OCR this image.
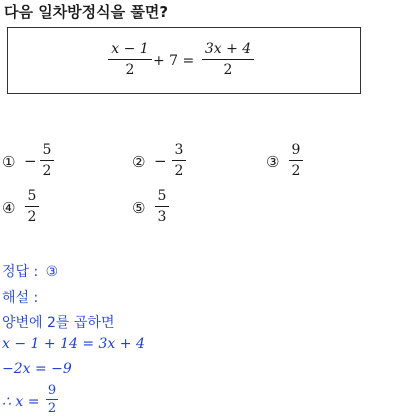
다음 일차방정식을 풀면?
x − 1
2
+ 7 =
3x + 4
2
① −
5
2	② −
3
2	③
9
2
④
5
2	⑤
5
3
정답 : ③
해설 :
양변에 2를 곱하면
x − 1 + 14 = 3x + 4
−2x = −9
∴ x =
9
2
